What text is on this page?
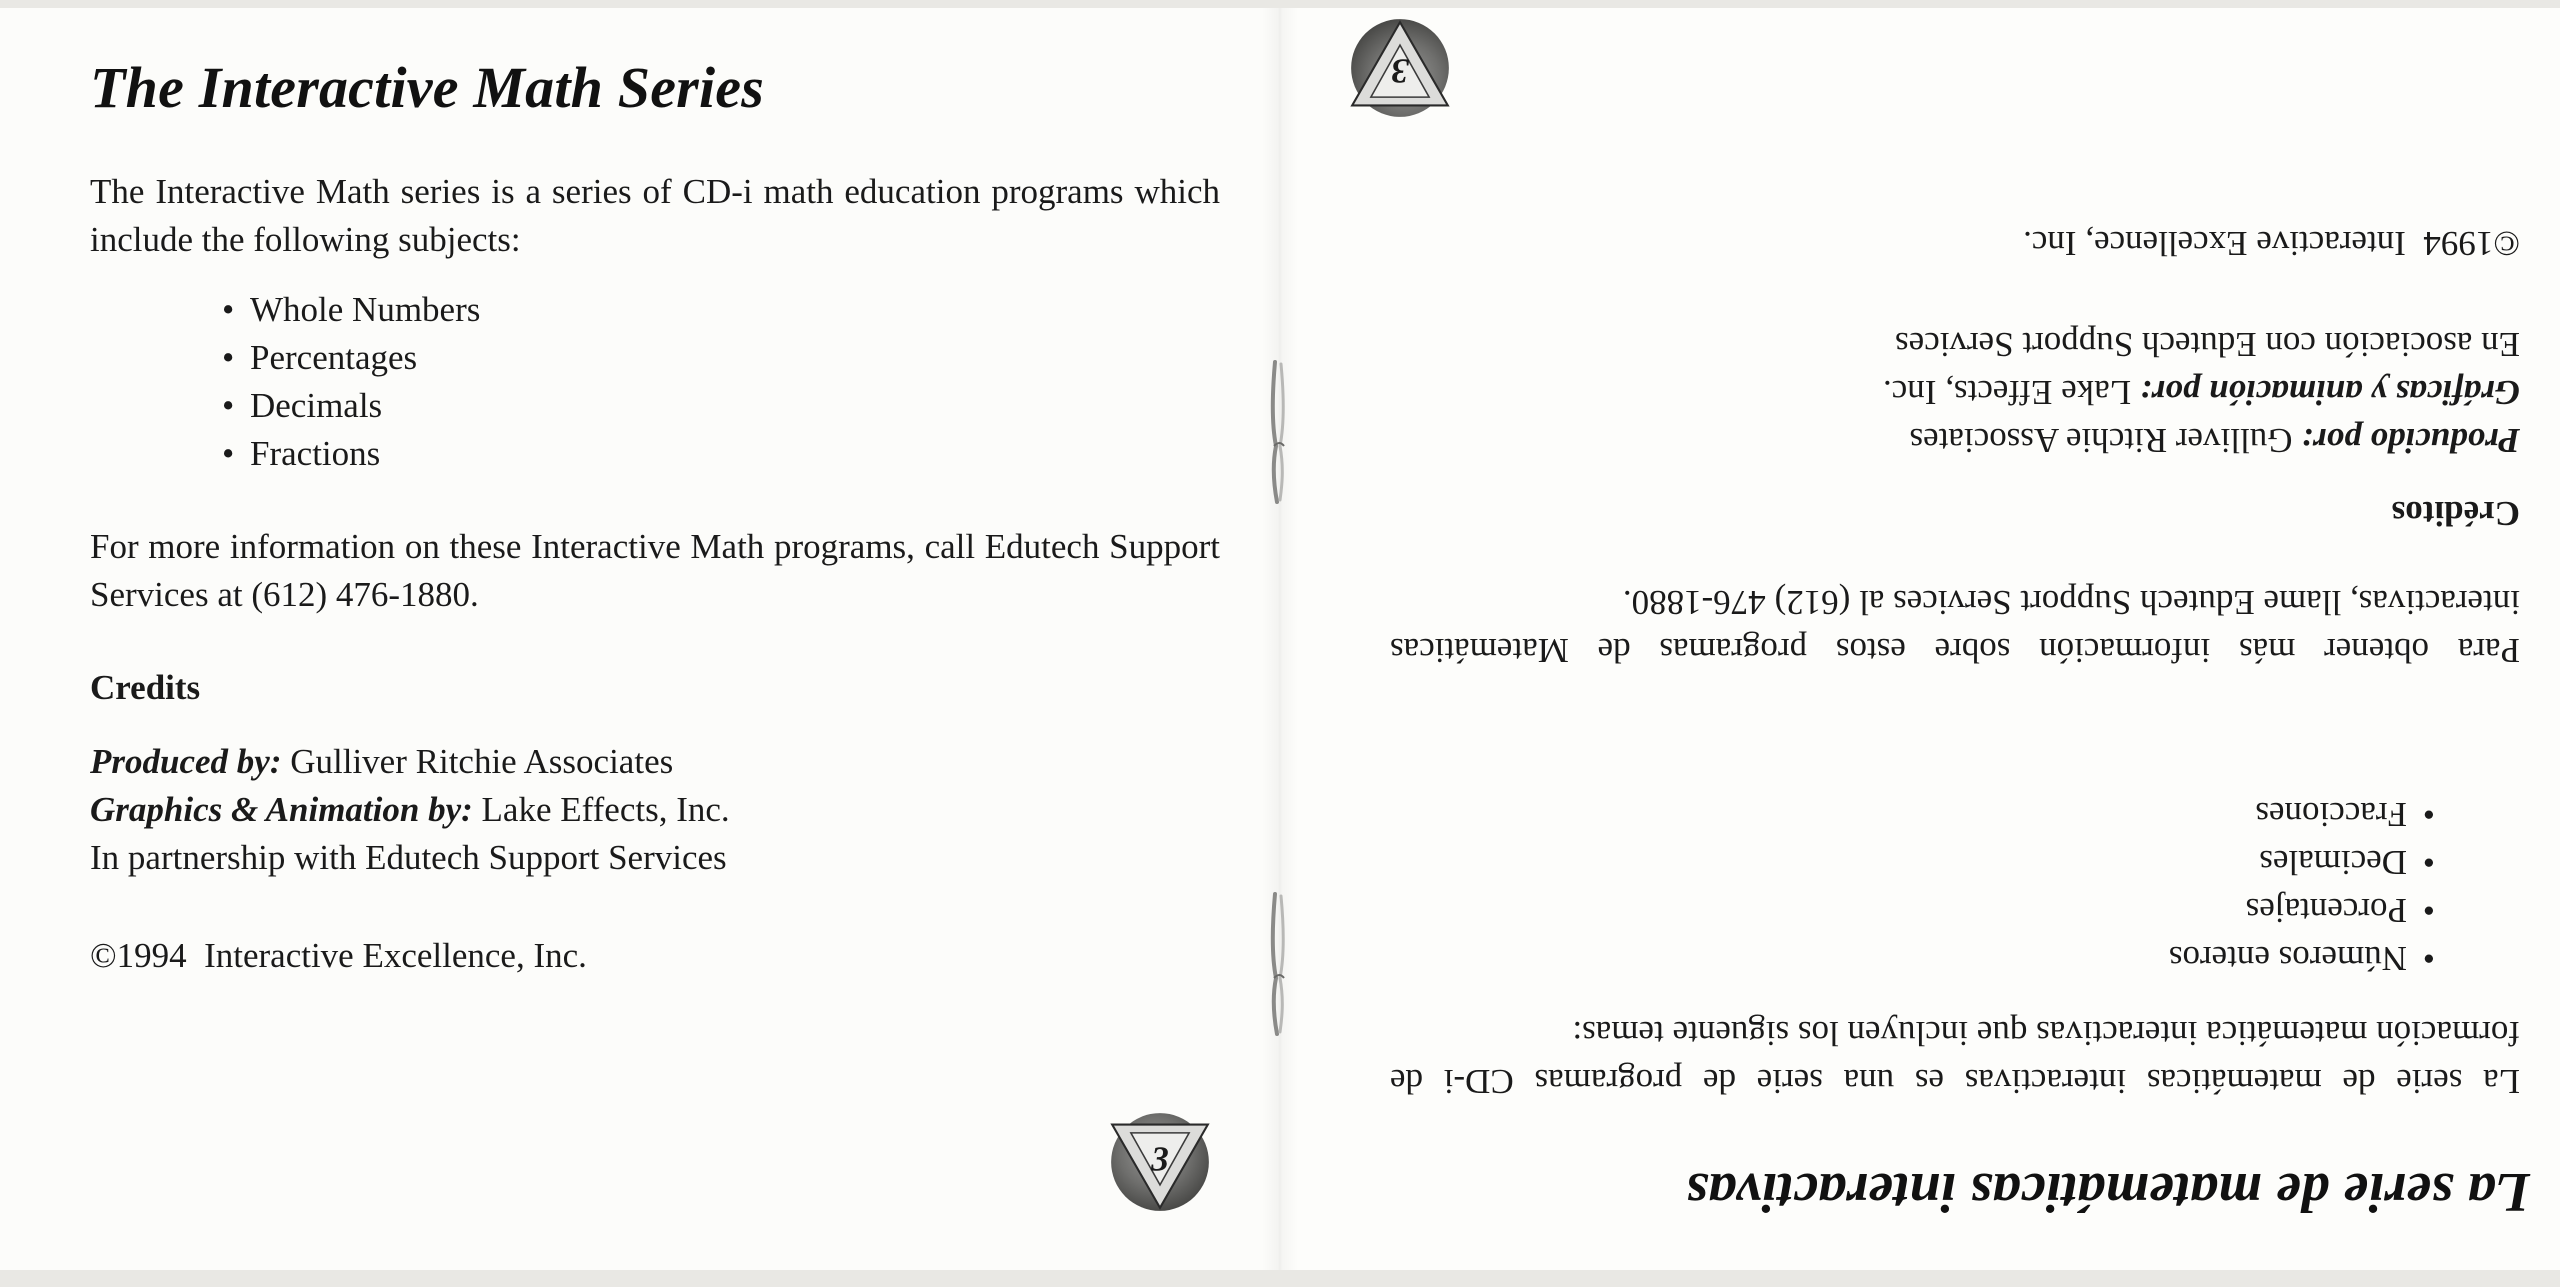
The Interactive Math Series

The Interactive Math series is a series of CD-i math education programs which include the following subjects:

• Whole Numbers
• Percentages
• Decimals
• Fractions

For more information on these Interactive Math programs, call Edutech Support Services at (612) 476-1880.

Credits
Produced by: Gulliver Ritchie Associates
Graphics & Animation by: Lake Effects, Inc.
In partnership with Edutech Support Services

©1994  Interactive Excellence, Inc.

3
La serie de matemáticas interactivas

La serie de matemáticas interactivas es una serie de programas CD-i de formación matemática interactivas que incluyen los siguente temas:

•Números enteros
•Porcentajes
•Decimales
•Fracciones

Para obtener más información sobre estos programas de Matemáticas interactivas, llame Edutech Support Services al (612) 476-1880.

Créditos
Producido por: Gulliver Ritchie Associates
Gráficas y animación por: Lake Effects, Inc.
En asociación con Edutech Support Services

©1994  Interactive Excellence, Inc.

3
